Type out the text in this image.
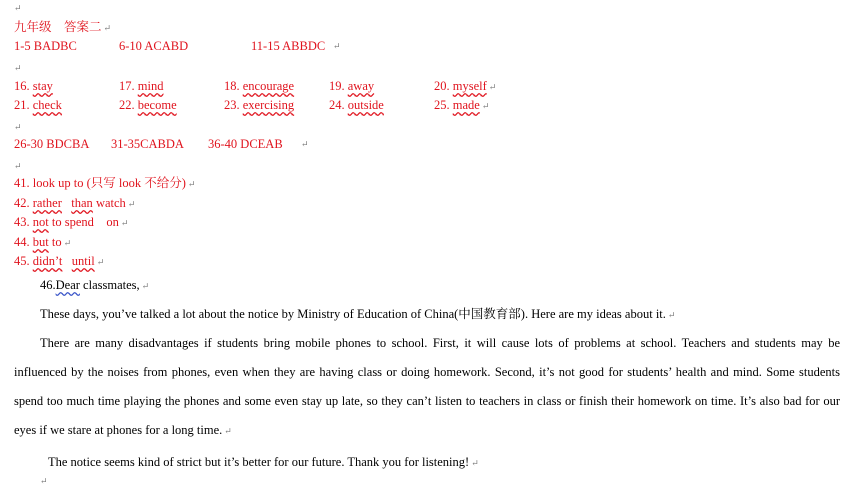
↵
九年级　答案二 ↵
1-5 BADBC	6-10 ACABD	11-15 ABBDC ↵
↵
16. stay	17. mind	18. encourage	19. away	20. myself ↵
21. check	22. become	23. exercising	24. outside	25. made ↵
↵
26-30 BDCBA 31-35CABDA 36-40 DCEAB ↵
↵
41. look up to (只写 look 不给分) ↵
42. rather than watch ↵
43. not to spend on ↵
44. but to ↵
45. didn’t until ↵
46.Dear classmates, ↵
These days, you’ve talked a lot about the notice by Ministry of Education of China(中国教育部). Here are my ideas about it. ↵
There are many disadvantages if students bring mobile phones to school. First, it will cause lots of problems at school. Teachers and students may be influenced by the noises from phones, even when they are having class or doing homework. Second, it’s not good for students’ health and mind. Some students spend too much time playing the phones and some even stay up late, so they can’t listen to teachers in class or finish their homework on time. It’s also bad for our eyes if we stare at phones for a long time. ↵
The notice seems kind of strict but it’s better for our future. Thank you for listening! ↵
↵
